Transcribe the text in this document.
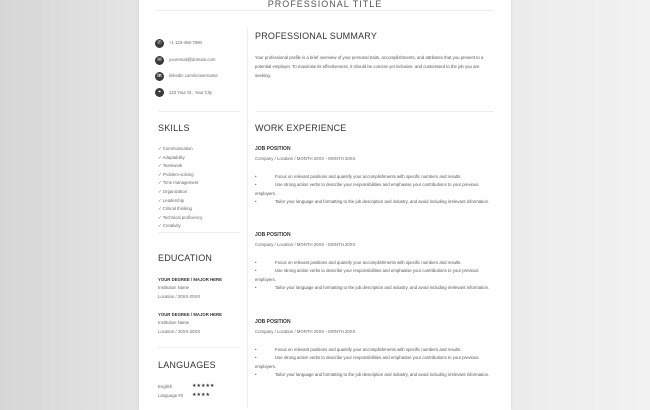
PROFESSIONAL TITLE
✆	+1 123-456-7890
✉	youremail@domain.com
in	linkedin.com/in/username
⌖	123 Your St., Your City
PROFESSIONAL SUMMARY
Your professional profile is a brief overview of your personal traits, accomplishments, and attributes that you present to a potential employer. To maximise its effectiveness, it should be concise yet inclusive, and customised to the job you are seeking.
SKILLS
✓ Communication
✓ Adaptability
✓ Teamwork
✓ Problem-solving
✓ Time management
✓ Organization
✓ Leadership
✓ Critical thinking
✓ Technical proficiency
✓ Creativity
EDUCATION
YOUR DEGREE / MAJOR HERE
Institution Name
Location / 20XX-20XX
YOUR DEGREE / MAJOR HERE
Institution Name
Location / 20XX-20XX
LANGUAGES
English	★★★★★
Language #2 ★★★★
WORK EXPERIENCE
JOB POSITION
Company / Location / MONTH 20XX - MONTH 20XX
•	Focus on relevant positions and quantify your accomplishments with specific numbers and results.
•	Use strong action verbs to describe your responsibilities and emphasise your contributions to your previous employers.
•	Tailor your language and formatting to the job description and industry, and avoid including irrelevant information.
JOB POSITION
Company / Location / MONTH 20XX - MONTH 20XX
•	Focus on relevant positions and quantify your accomplishments with specific numbers and results.
•	Use strong action verbs to describe your responsibilities and emphasise your contributions to your previous employers.
•	Tailor your language and formatting to the job description and industry, and avoid including irrelevant information.
JOB POSITION
Company / Location / MONTH 20XX - MONTH 20XX
•	Focus on relevant positions and quantify your accomplishments with specific numbers and results.
•	Use strong action verbs to describe your responsibilities and emphasise your contributions to your previous employers.
•	Tailor your language and formatting to the job description and industry, and avoid including irrelevant information.
